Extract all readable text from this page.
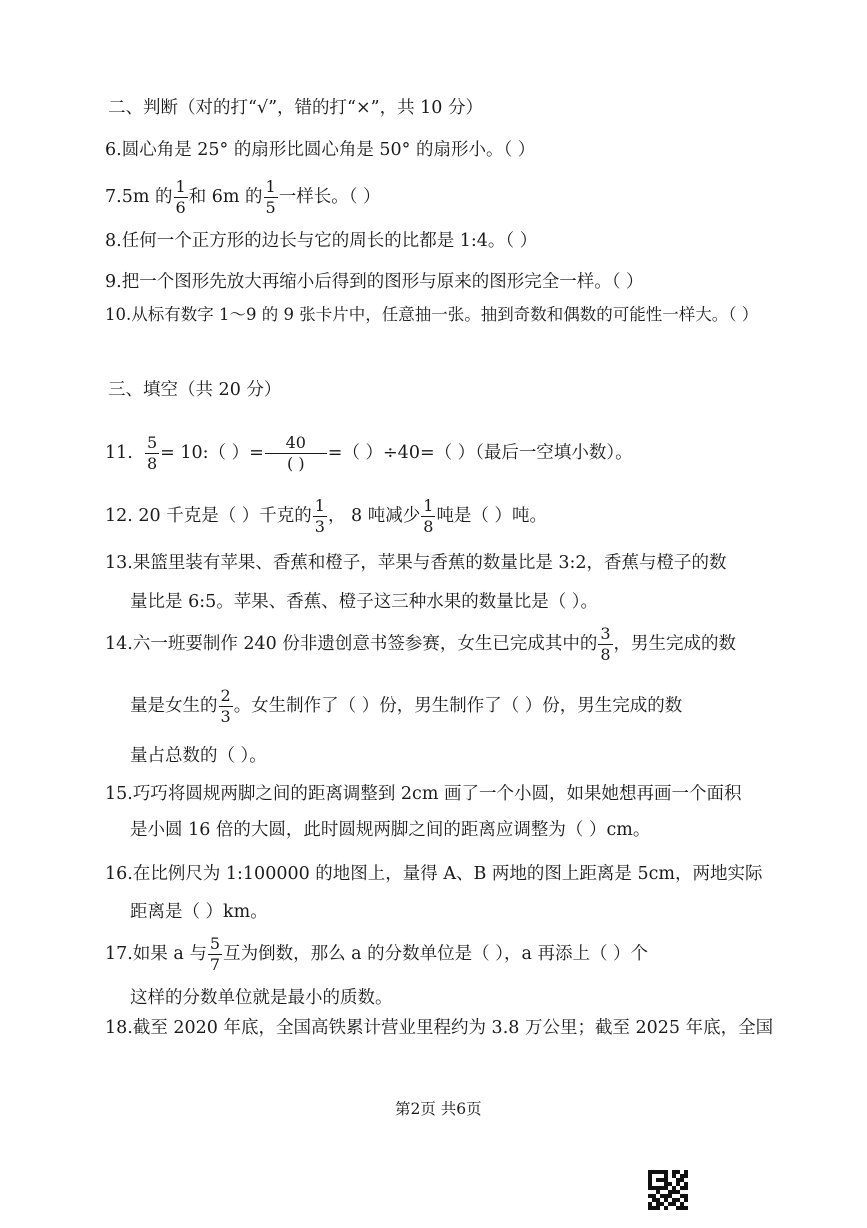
二、判断（对的打“√”，错的打“×”，共 10 分）
6.圆心角是 25° 的扇形比圆心角是 50° 的扇形小。（ ）
7.5m 的 $\frac{1}{6}$ 和 6m 的 $\frac{1}{5}$ 一样长。（ ）
8.任何一个正方形的边长与它的周长的比都是 1:4。（ ）
9.把一个图形先放大再缩小后得到的图形与原来的图形完全一样。（ ）
10.从标有数字 1～9 的 9 张卡片中，任意抽一张。抽到奇数和偶数的可能性一样大。（ ）
三、填空（共 20 分）
11. $\frac{5}{8}$ = 10:（ ）= $\frac{40}{( )}$ =（ ）÷40=（ ）（最后一空填小数）。
12. 20 千克是（ ）千克的 $\frac{1}{3}$ ， 8 吨减少 $\frac{1}{8}$ 吨是（ ）吨。
13.果篮里装有苹果、香蕉和橙子，苹果与香蕉的数量比是 3:2，香蕉与橙子的数
量比是 6:5。苹果、香蕉、橙子这三种水果的数量比是（ ）。
14.六一班要制作 240 份非遗创意书签参赛，女生已完成其中的 $\frac{3}{8}$ ，男生完成的数
量是女生的 $\frac{2}{3}$ 。女生制作了（ ）份，男生制作了（ ）份，男生完成的数
量占总数的（ ）。
15.巧巧将圆规两脚之间的距离调整到 2cm 画了一个小圆，如果她想再画一个面积
是小圆 16 倍的大圆，此时圆规两脚之间的距离应调整为（ ）cm。
16.在比例尺为 1:100000 的地图上，量得 A、B 两地的图上距离是 5cm，两地实际
距离是（ ）km。
17.如果 a 与 $\frac{5}{7}$ 互为倒数，那么 a 的分数单位是（ ），a 再添上（ ）个
这样的分数单位就是最小的质数。
18.截至 2020 年底，全国高铁累计营业里程约为 3.8 万公里；截至 2025 年底，全国
第2页 共6页
